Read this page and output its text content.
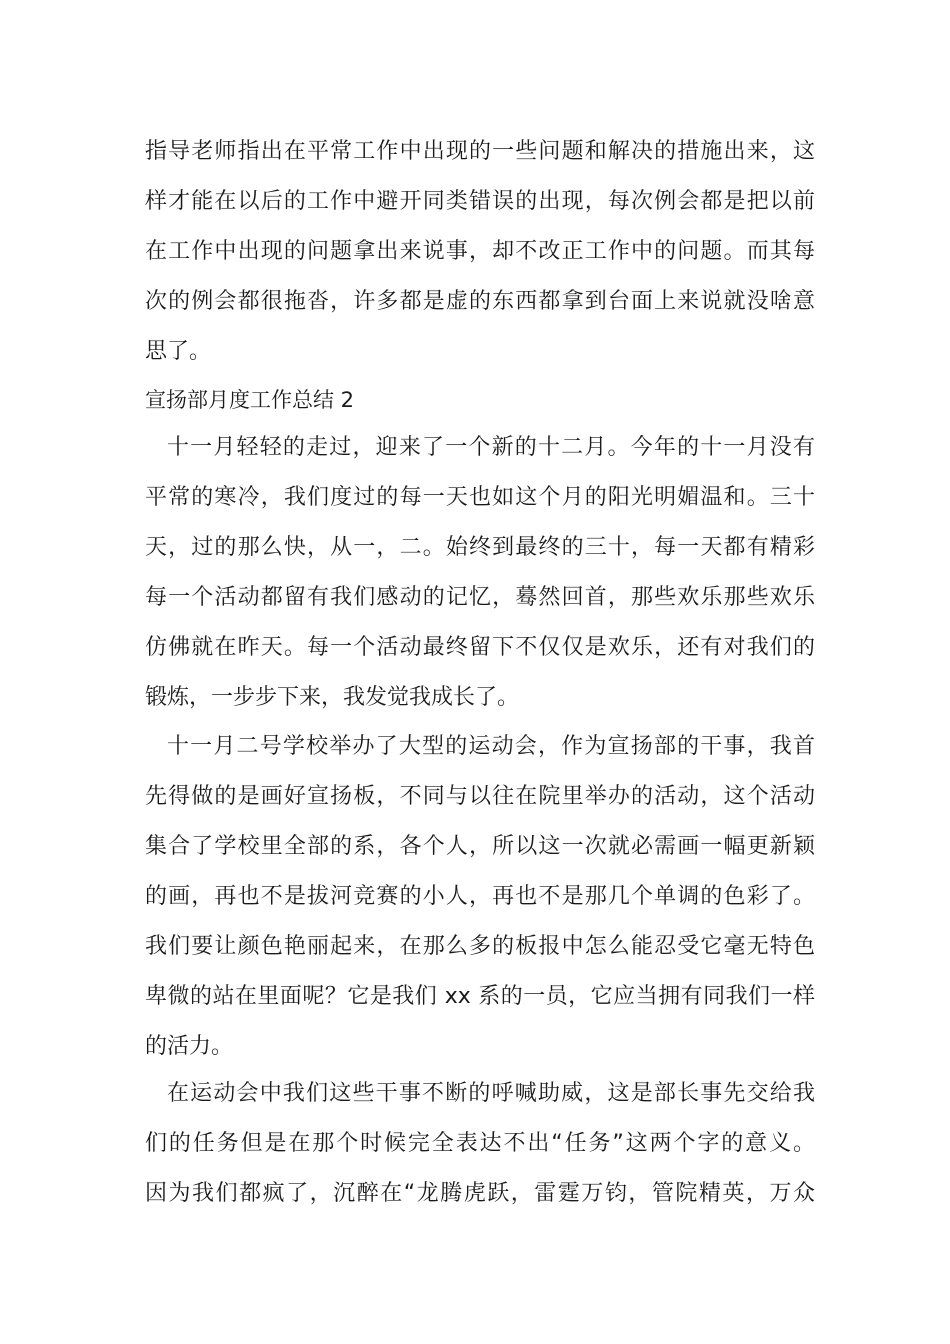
指导老师指出在平常工作中出现的一些问题和解决的措施出来，这
样才能在以后的工作中避开同类错误的出现，每次例会都是把以前
在工作中出现的问题拿出来说事，却不改正工作中的问题。而其每
次的例会都很拖沓，许多都是虚的东西都拿到台面上来说就没啥意
思了。
宣扬部月度工作总结 2
十一月轻轻的走过，迎来了一个新的十二月。今年的十一月没有
平常的寒冷，我们度过的每一天也如这个月的阳光明媚温和。三十
天，过的那么快，从一，二。始终到最终的三十，每一天都有精彩
每一个活动都留有我们感动的记忆，蓦然回首，那些欢乐那些欢乐
仿佛就在昨天。每一个活动最终留下不仅仅是欢乐，还有对我们的
锻炼，一步步下来，我发觉我成长了。
十一月二号学校举办了大型的运动会，作为宣扬部的干事，我首
先得做的是画好宣扬板，不同与以往在院里举办的活动，这个活动
集合了学校里全部的系，各个人，所以这一次就必需画一幅更新颖
的画，再也不是拔河竞赛的小人，再也不是那几个单调的色彩了。
我们要让颜色艳丽起来，在那么多的板报中怎么能忍受它毫无特色
卑微的站在里面呢？它是我们 xx 系的一员，它应当拥有同我们一样
的活力。
在运动会中我们这些干事不断的呼喊助威，这是部长事先交给我
们的任务但是在那个时候完全表达不出“任务”这两个字的意义。
因为我们都疯了，沉醉在“龙腾虎跃，雷霆万钧，管院精英，万众
